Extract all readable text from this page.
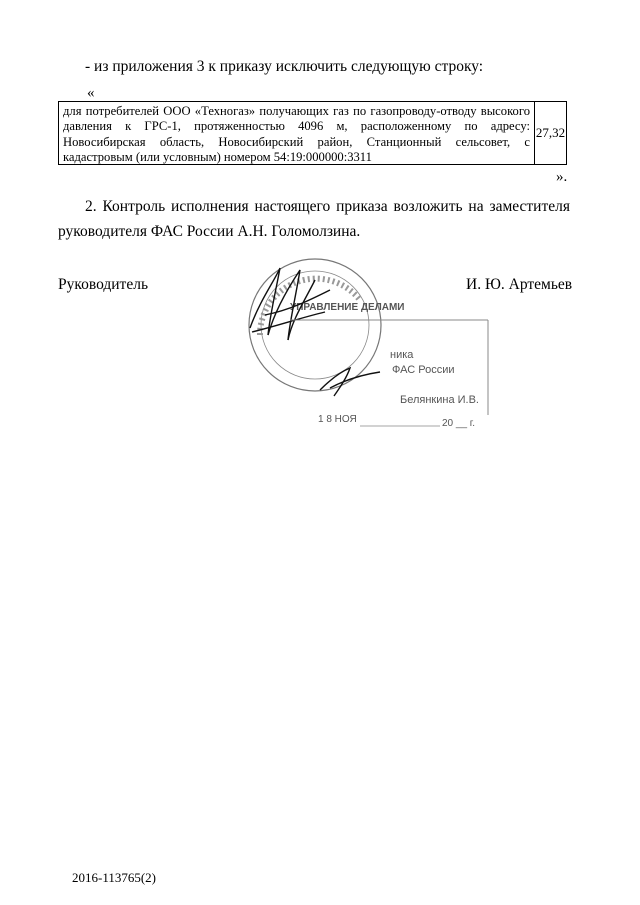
- из приложения 3 к приказу исключить следующую строку:
«
для потребителей ООО «Техногаз» получающих газ по газопроводу-отводу высокого давления к ГРС-1, протяженностью 4096 м, расположенному по адресу: Новосибирская область, Новосибирский район, Станционный сельсовет, с кадастровым (или условным) номером 54:19:000000:3311
27,32
».
2. Контроль исполнения настоящего приказа возложить на заместителя руководителя ФАС России А.Н. Голомолзина.
Руководитель	И. Ю. Артемьев
УПРАВЛЕНИЕ ДЕЛАМИ
ника
ФАС России
Белянкина И.В.
1 8 НОЯ	20 __ г.
2016-113765(2)
